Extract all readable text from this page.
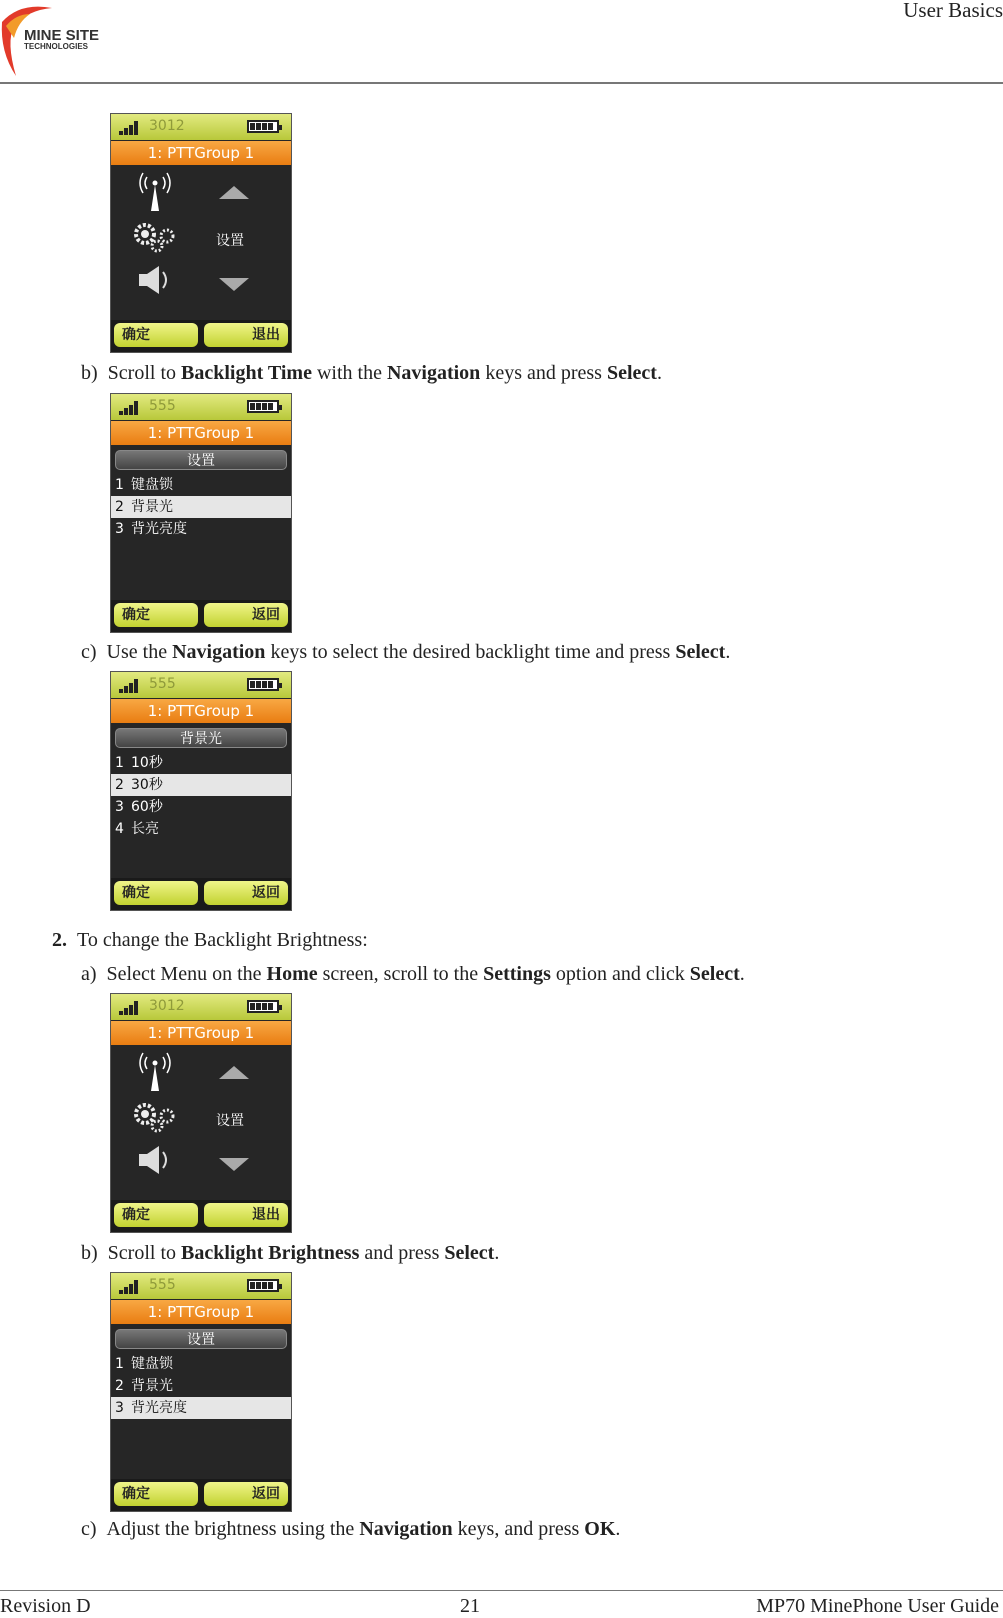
MINE SITE
TECHNOLOGIES
User Basics
3012
1: PTTGroup 1
设置
确定	退出
b) Scroll to Backlight Time with the Navigation keys and press Select.
555
1: PTTGroup 1
设置
1 键盘锁
2 背景光
3 背光亮度
确定	返回
c) Use the Navigation keys to select the desired backlight time and press Select.
555
1: PTTGroup 1
背景光
1 10秒
2 30秒
3 60秒
4 长亮
确定	返回
2. To change the Backlight Brightness:
a) Select Menu on the Home screen, scroll to the Settings option and click Select.
3012
1: PTTGroup 1
设置
确定	退出
b) Scroll to Backlight Brightness and press Select.
555
1: PTTGroup 1
设置
1 键盘锁
2 背景光
3 背光亮度
确定	返回
c) Adjust the brightness using the Navigation keys, and press OK.
Revision D	21	MP70 MinePhone User Guide
